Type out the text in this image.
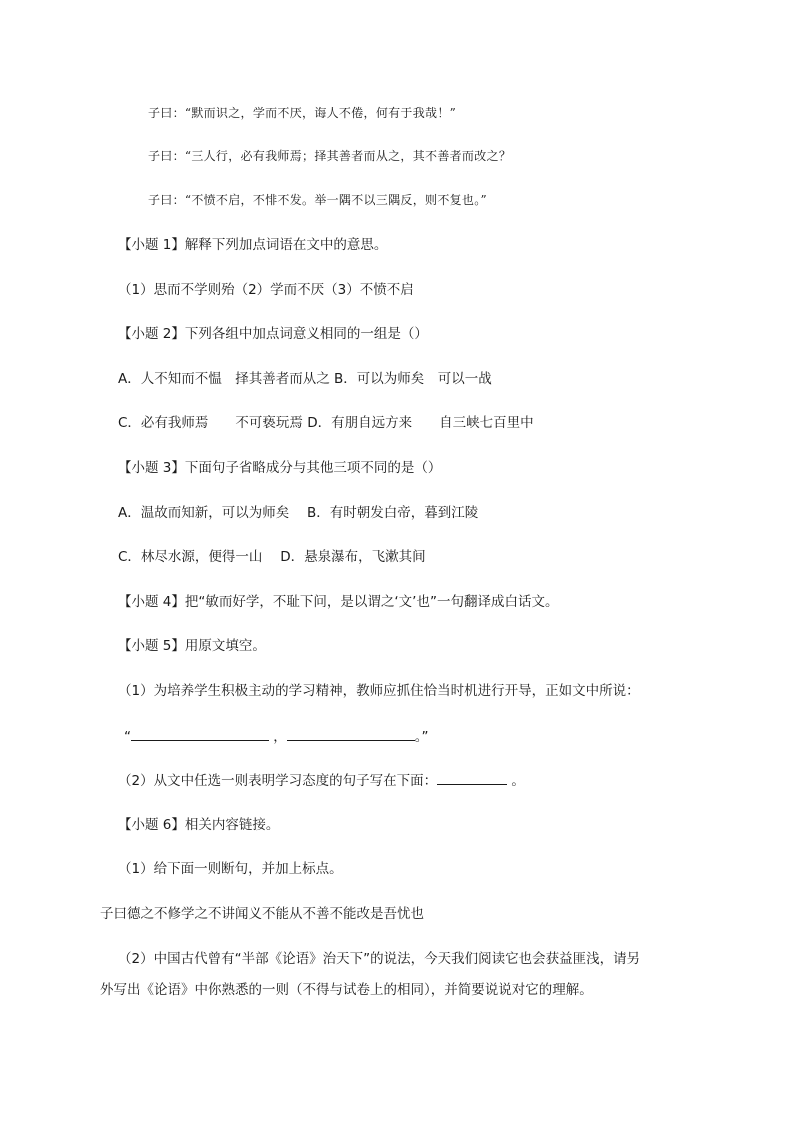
子曰：“默而识之，学而不厌，诲人不倦，何有于我哉！”
子曰：“三人行，必有我师焉；择其善者而从之，其不善者而改之？
子曰：“不愤不启，不悱不发。举一隅不以三隅反，则不复也。”
【小题 1】解释下列加点词语在文中的意思。
（1）思而不学则殆（2）学而不厌（3）不愤不启
【小题 2】下列各组中加点词意义相同的一组是（）
A．人不知而不愠　择其善者而从之 B．可以为师矣　可以一战
C．必有我师焉　　不可亵玩焉 D．有朋自远方来　　自三峡七百里中
【小题 3】下面句子省略成分与其他三项不同的是（）
A．温故而知新，可以为师矣　 B．有时朝发白帝，暮到江陵
C．林尽水源，便得一山　 D．悬泉瀑布，飞漱其间
【小题 4】把“敏而好学，不耻下问，是以谓之‘文’也”一句翻译成白话文。
【小题 5】用原文填空。
（1）为培养学生积极主动的学习精神，教师应抓住恰当时机进行开导，正如文中所说：
“	，	。”
（2）从文中任选一则表明学习态度的句子写在下面：	。
【小题 6】相关内容链接。
（1）给下面一则断句，并加上标点。
子曰德之不修学之不讲闻义不能从不善不能改是吾忧也
（2）中国古代曾有“半部《论语》治天下”的说法，今天我们阅读它也会获益匪浅，请另
外写出《论语》中你熟悉的一则（不得与试卷上的相同），并简要说说对它的理解。
